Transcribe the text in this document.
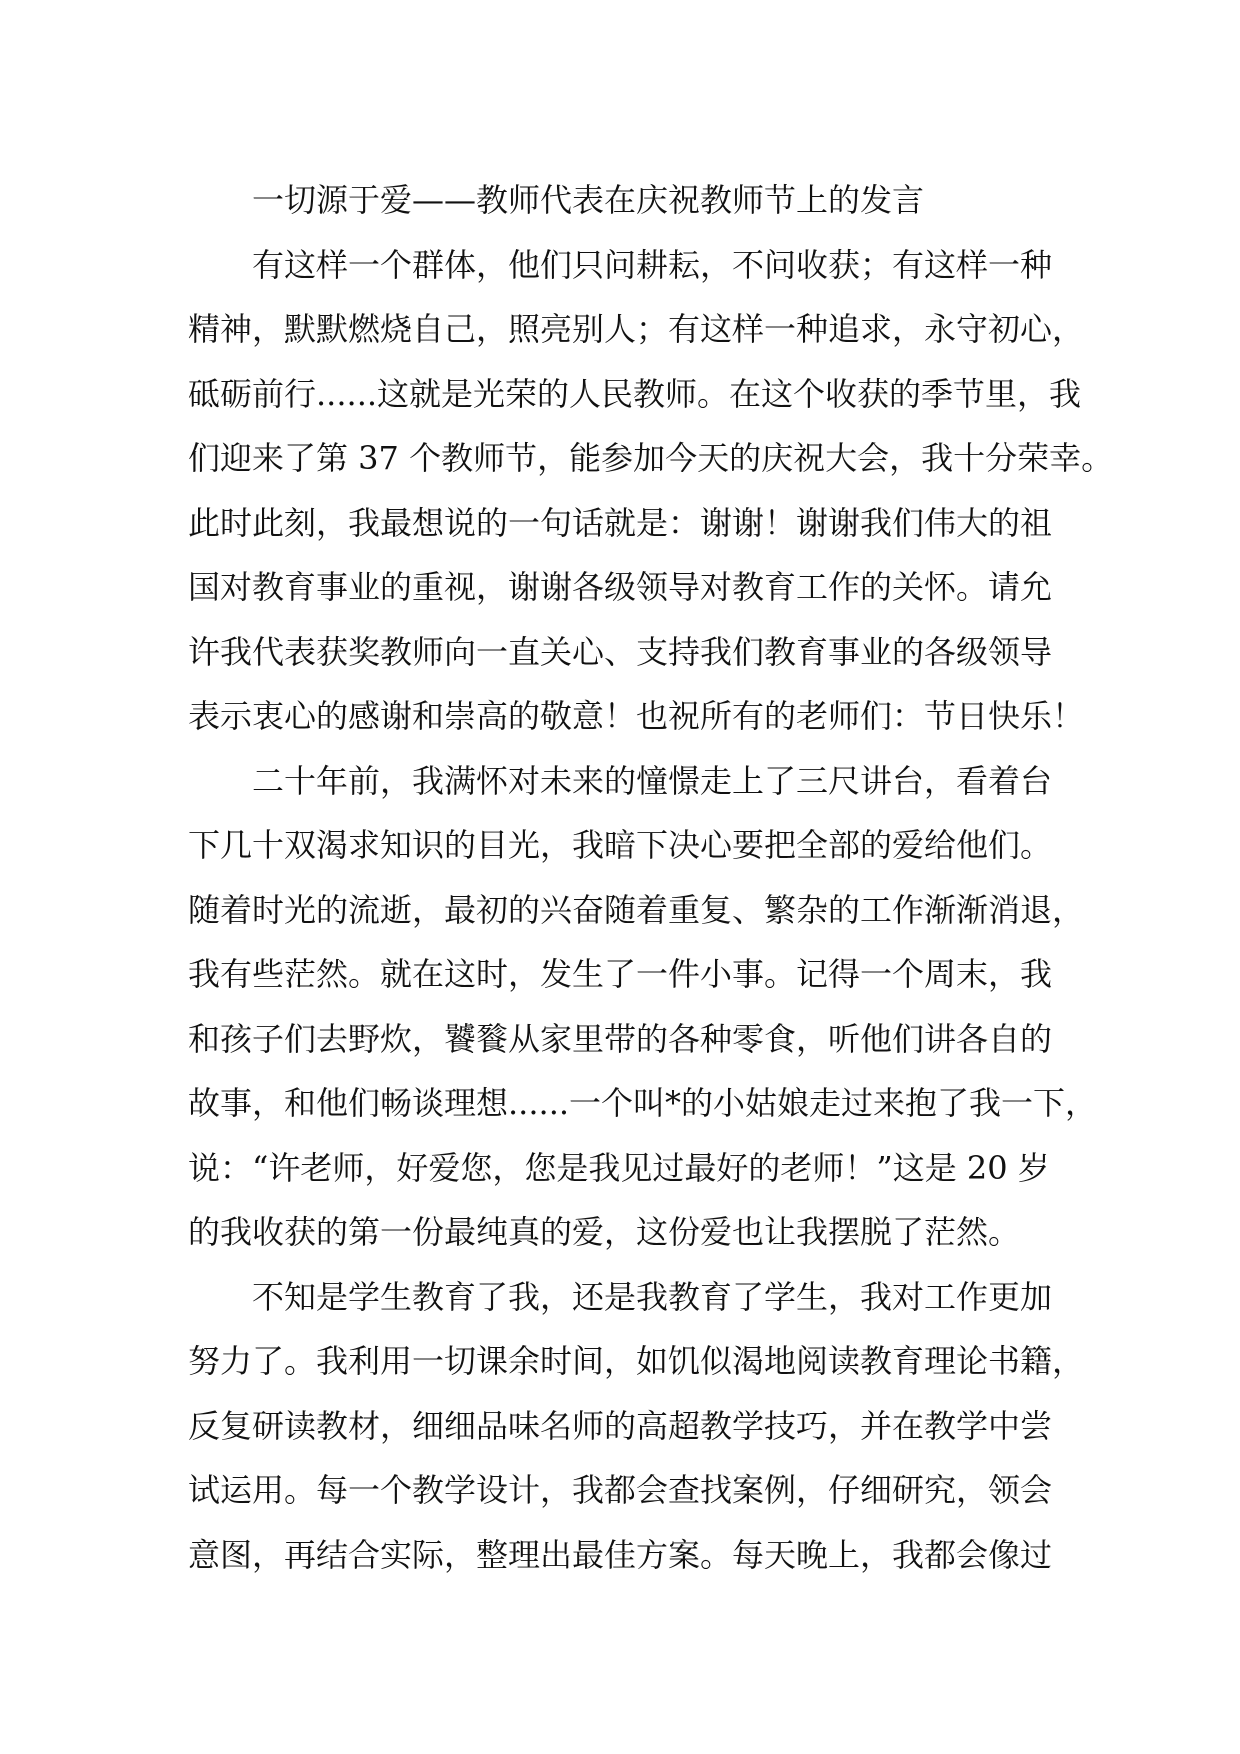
一切源于爱——教师代表在庆祝教师节上的发言
有这样一个群体，他们只问耕耘，不问收获；有这样一种
精神，默默燃烧自己，照亮别人；有这样一种追求，永守初心，
砥砺前行......这就是光荣的人民教师。在这个收获的季节里，我
们迎来了第 37 个教师节，能参加今天的庆祝大会，我十分荣幸。
此时此刻，我最想说的一句话就是：谢谢！谢谢我们伟大的祖
国对教育事业的重视，谢谢各级领导对教育工作的关怀。请允
许我代表获奖教师向一直关心、支持我们教育事业的各级领导
表示衷心的感谢和崇高的敬意！也祝所有的老师们：节日快乐！
二十年前，我满怀对未来的憧憬走上了三尺讲台，看着台
下几十双渴求知识的目光，我暗下决心要把全部的爱给他们。
随着时光的流逝，最初的兴奋随着重复、繁杂的工作渐渐消退，
我有些茫然。就在这时，发生了一件小事。记得一个周末，我
和孩子们去野炊，饕餮从家里带的各种零食，听他们讲各自的
故事，和他们畅谈理想......一个叫*的小姑娘走过来抱了我一下，
说：“许老师，好爱您，您是我见过最好的老师！”这是 20 岁
的我收获的第一份最纯真的爱，这份爱也让我摆脱了茫然。
不知是学生教育了我，还是我教育了学生，我对工作更加
努力了。我利用一切课余时间，如饥似渴地阅读教育理论书籍，
反复研读教材，细细品味名师的高超教学技巧，并在教学中尝
试运用。每一个教学设计，我都会查找案例，仔细研究，领会
意图，再结合实际，整理出最佳方案。每天晚上，我都会像过
